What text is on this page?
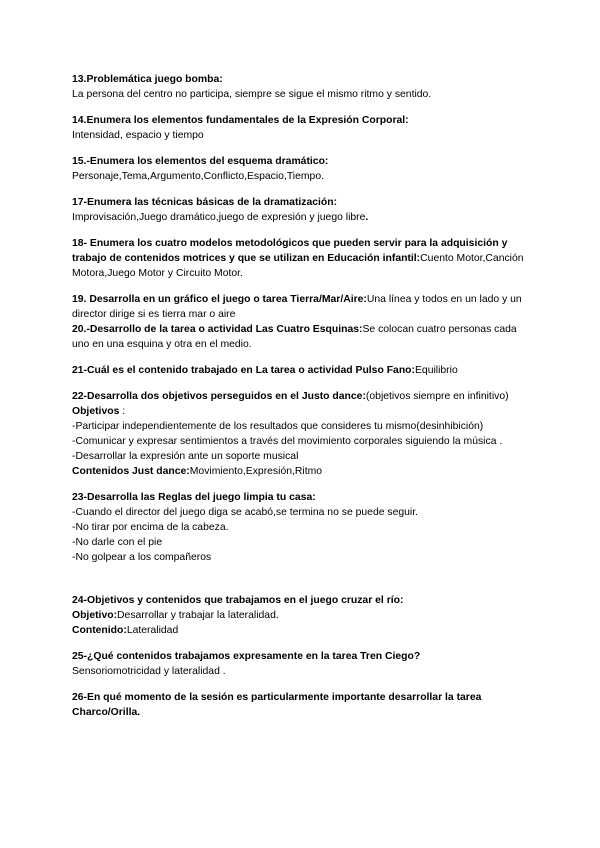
13.Problemática juego bomba:

La persona del centro no participa, siempre se sigue el mismo ritmo y sentido.

14.Enumera los elementos fundamentales de la Expresión Corporal:

Intensidad, espacio y tiempo

15.-Enumera los elementos del esquema dramático:

Personaje,Tema,Argumento,Conflicto,Espacio,Tiempo.

17-Enumera las técnicas básicas de la dramatización:

Improvisación,Juego dramático,juego de expresión y juego libre.

18- Enumera los cuatro modelos metodológicos que pueden servir para la adquisición y trabajo de contenidos motrices y que se utilizan en Educación infantil:Cuento Motor,Canción Motora,Juego Motor y Circuito Motor.

19. Desarrolla en un gráfico el juego o tarea Tierra/Mar/Aire:Una línea y todos en un lado y un director dirige si es tierra mar o aire

20.-Desarrollo de la tarea o actividad Las Cuatro Esquinas:Se colocan cuatro personas cada uno en una esquina y otra en el medio.

21-Cuál es el contenido trabajado en La tarea o actividad Pulso Fano:Equilibrio

22-Desarrolla dos objetivos perseguidos en el Justo dance:(objetivos siempre en infinitivo)

Objetivos :

-Participar independientemente de los resultados que consideres tu mismo(desinhibición)

-Comunicar y expresar sentimientos a través del movimiento corporales siguiendo la música .

-Desarrollar la expresión ante un soporte musical

Contenidos Just dance:Movimiento,Expresión,Ritmo

23-Desarrolla las Reglas del juego limpia tu casa:

-Cuando el director del juego diga se acabó,se termina no se puede seguir.

-No tirar por encima de la cabeza.

-No darle con el pie

-No golpear a los compañeros

24-Objetivos y contenidos que trabajamos en el juego cruzar el río:

Objetivo:Desarrollar y trabajar la lateralidad.

Contenido:Lateralidad

25-¿Qué contenidos trabajamos expresamente en la tarea Tren Ciego?

Sensoriomotricidad y lateralidad .

26-En qué momento de la sesión es particularmente importante desarrollar la tarea Charco/Orilla.
